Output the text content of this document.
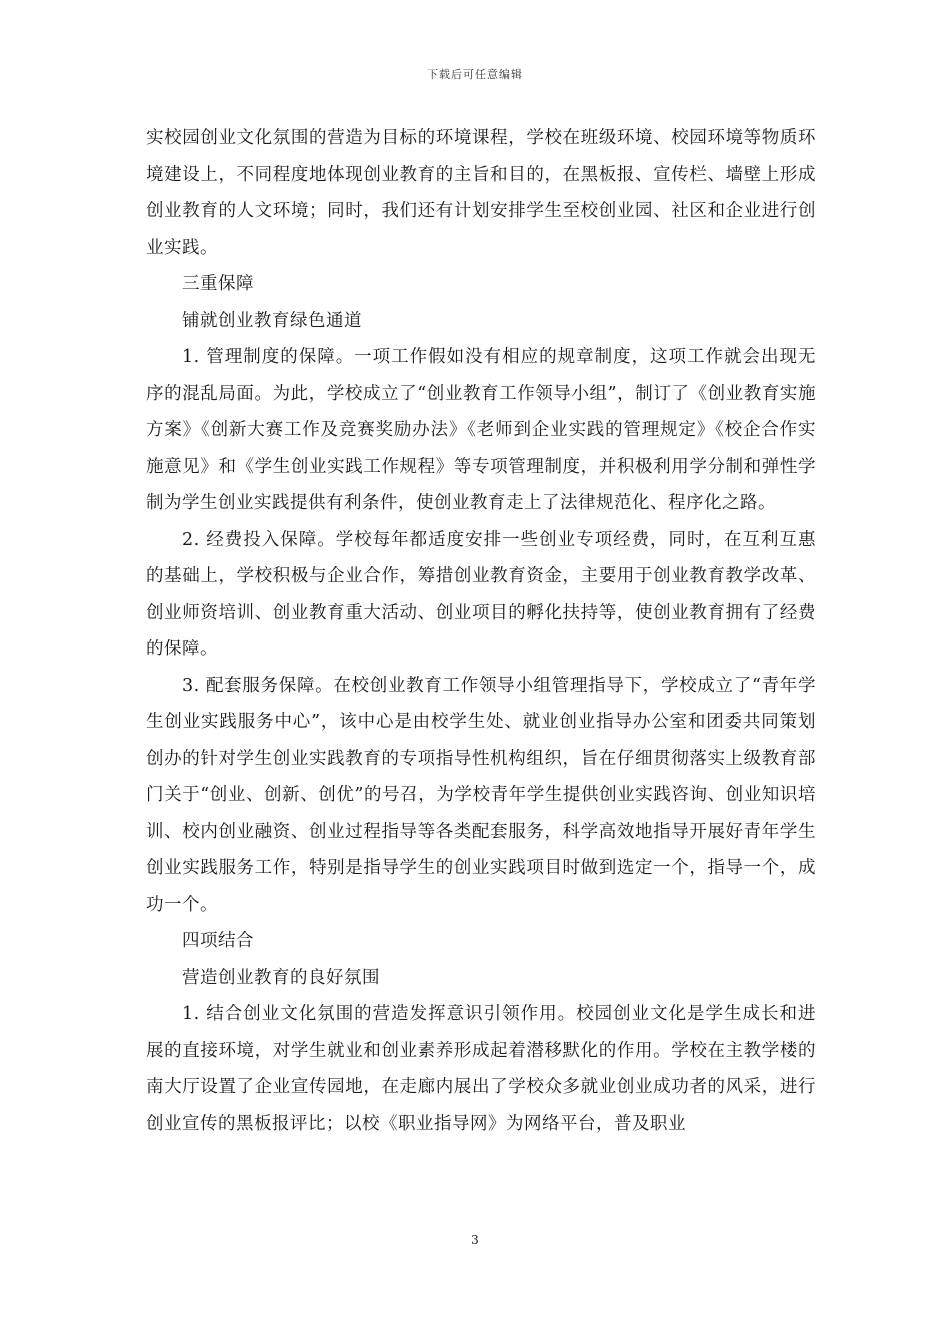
下载后可任意编辑

实校园创业文化氛围的营造为目标的环境课程，学校在班级环境、校园环境等物质环境建设上，不同程度地体现创业教育的主旨和目的，在黑板报、宣传栏、墙壁上形成创业教育的人文环境；同时，我们还有计划安排学生至校创业园、社区和企业进行创业实践。

三重保障

铺就创业教育绿色通道

1. 管理制度的保障。一项工作假如没有相应的规章制度，这项工作就会出现无序的混乱局面。为此，学校成立了“创业教育工作领导小组”，制订了《创业教育实施方案》《创新大赛工作及竞赛奖励办法》《老师到企业实践的管理规定》《校企合作实施意见》和《学生创业实践工作规程》等专项管理制度，并积极利用学分制和弹性学制为学生创业实践提供有利条件，使创业教育走上了法律规范化、程序化之路。

2. 经费投入保障。学校每年都适度安排一些创业专项经费，同时，在互利互惠的基础上，学校积极与企业合作，筹措创业教育资金，主要用于创业教育教学改革、创业师资培训、创业教育重大活动、创业项目的孵化扶持等，使创业教育拥有了经费的保障。

3. 配套服务保障。在校创业教育工作领导小组管理指导下，学校成立了“青年学生创业实践服务中心”，该中心是由校学生处、就业创业指导办公室和团委共同策划创办的针对学生创业实践教育的专项指导性机构组织，旨在仔细贯彻落实上级教育部门关于“创业、创新、创优”的号召，为学校青年学生提供创业实践咨询、创业知识培训、校内创业融资、创业过程指导等各类配套服务，科学高效地指导开展好青年学生创业实践服务工作，特别是指导学生的创业实践项目时做到选定一个，指导一个，成功一个。

四项结合

营造创业教育的良好氛围

1. 结合创业文化氛围的营造发挥意识引领作用。校园创业文化是学生成长和进展的直接环境，对学生就业和创业素养形成起着潜移默化的作用。学校在主教学楼的南大厅设置了企业宣传园地，在走廊内展出了学校众多就业创业成功者的风采，进行创业宣传的黑板报评比；以校《职业指导网》为网络平台，普及职业

3
